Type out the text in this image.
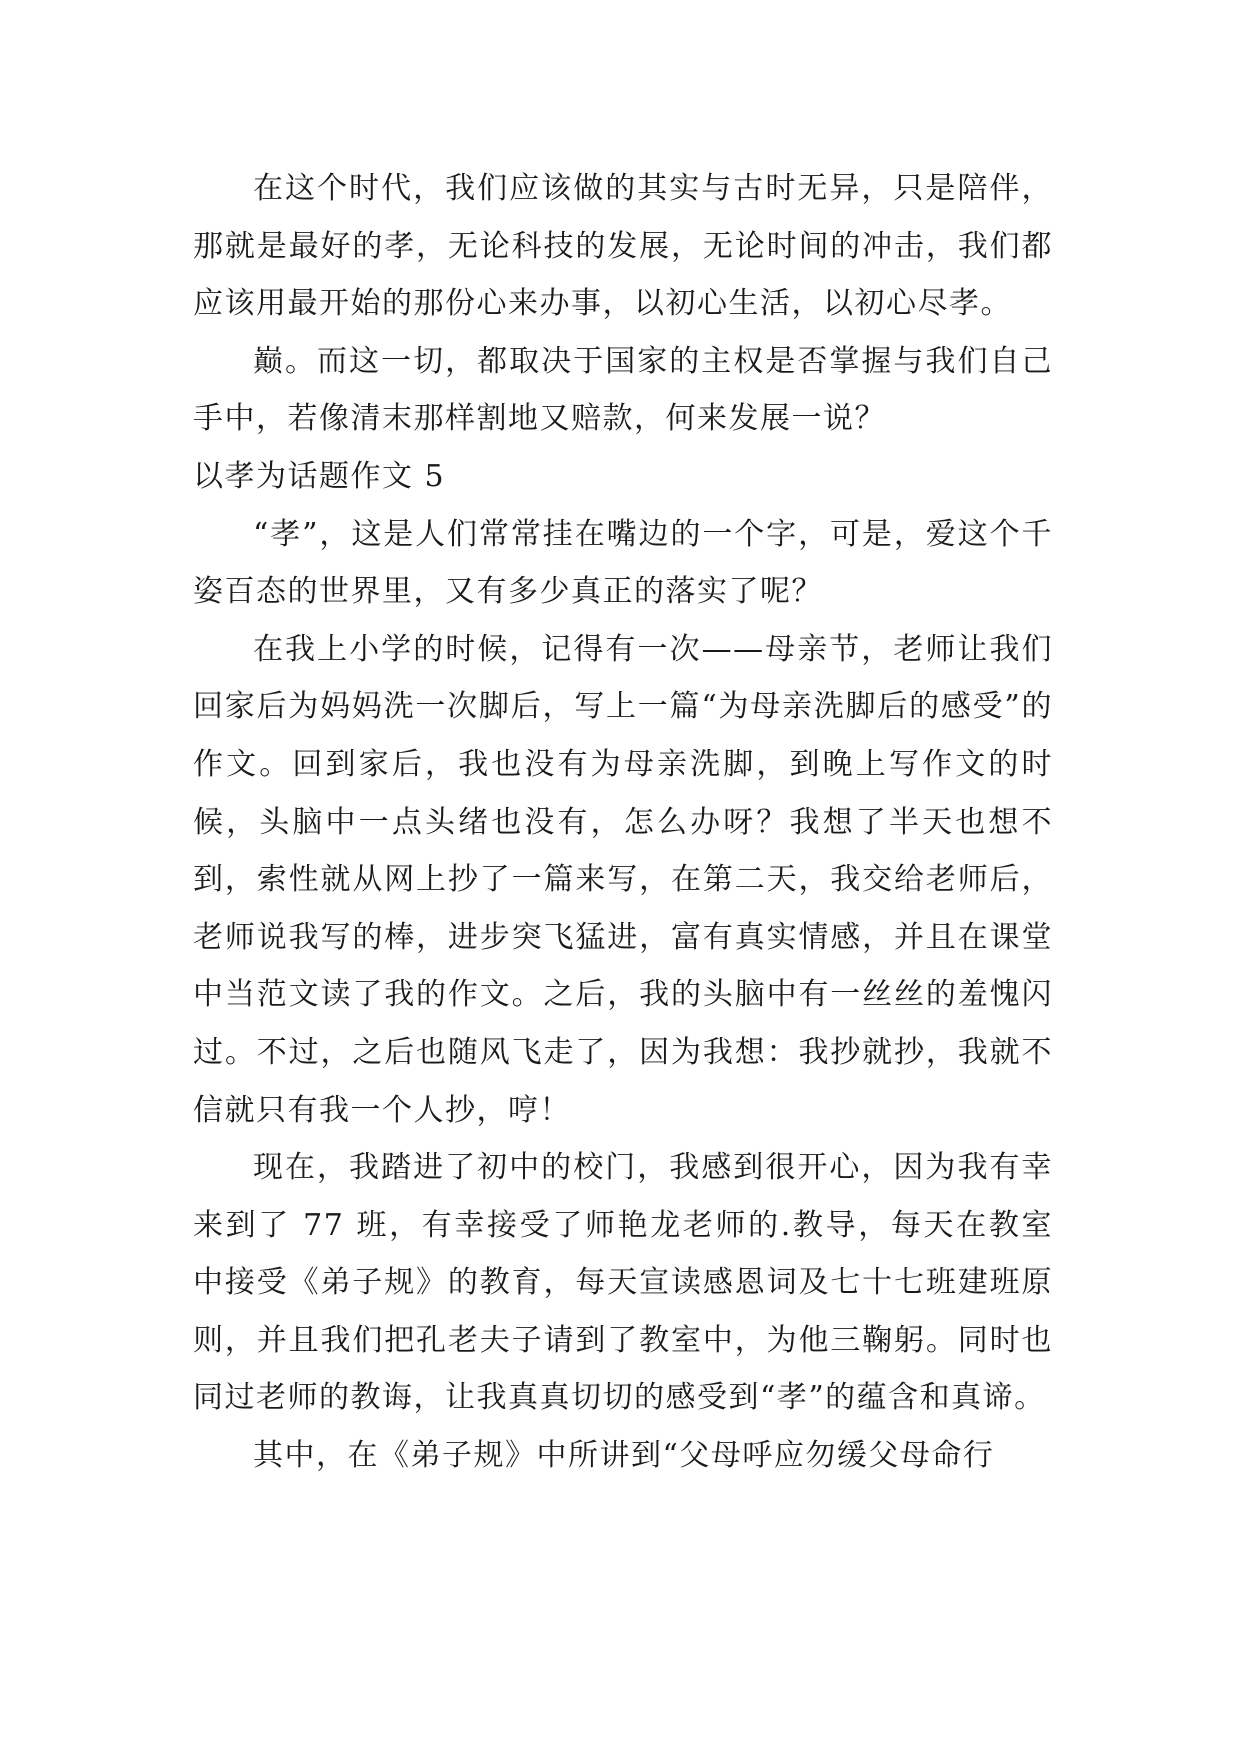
在这个时代，我们应该做的其实与古时无异，只是陪伴，那就是最好的孝，无论科技的发展，无论时间的冲击，我们都应该用最开始的那份心来办事，以初心生活，以初心尽孝。

巅。而这一切，都取决于国家的主权是否掌握与我们自己手中，若像清末那样割地又赔款，何来发展一说？

以孝为话题作文 5

“孝”，这是人们常常挂在嘴边的一个字，可是，爱这个千姿百态的世界里，又有多少真正的落实了呢？

在我上小学的时候，记得有一次——母亲节，老师让我们回家后为妈妈洗一次脚后，写上一篇“为母亲洗脚后的感受”的作文。回到家后，我也没有为母亲洗脚，到晚上写作文的时候，头脑中一点头绪也没有，怎么办呀？我想了半天也想不到，索性就从网上抄了一篇来写，在第二天，我交给老师后，老师说我写的棒，进步突飞猛进，富有真实情感，并且在课堂中当范文读了我的作文。之后，我的头脑中有一丝丝的羞愧闪过。不过，之后也随风飞走了，因为我想：我抄就抄，我就不信就只有我一个人抄，哼！

现在，我踏进了初中的校门，我感到很开心，因为我有幸来到了 77 班，有幸接受了师艳龙老师的.教导，每天在教室中接受《弟子规》的教育，每天宣读感恩词及七十七班建班原则，并且我们把孔老夫子请到了教室中，为他三鞠躬。同时也同过老师的教诲，让我真真切切的感受到“孝”的蕴含和真谛。

其中，在《弟子规》中所讲到“父母呼应勿缓父母命行
